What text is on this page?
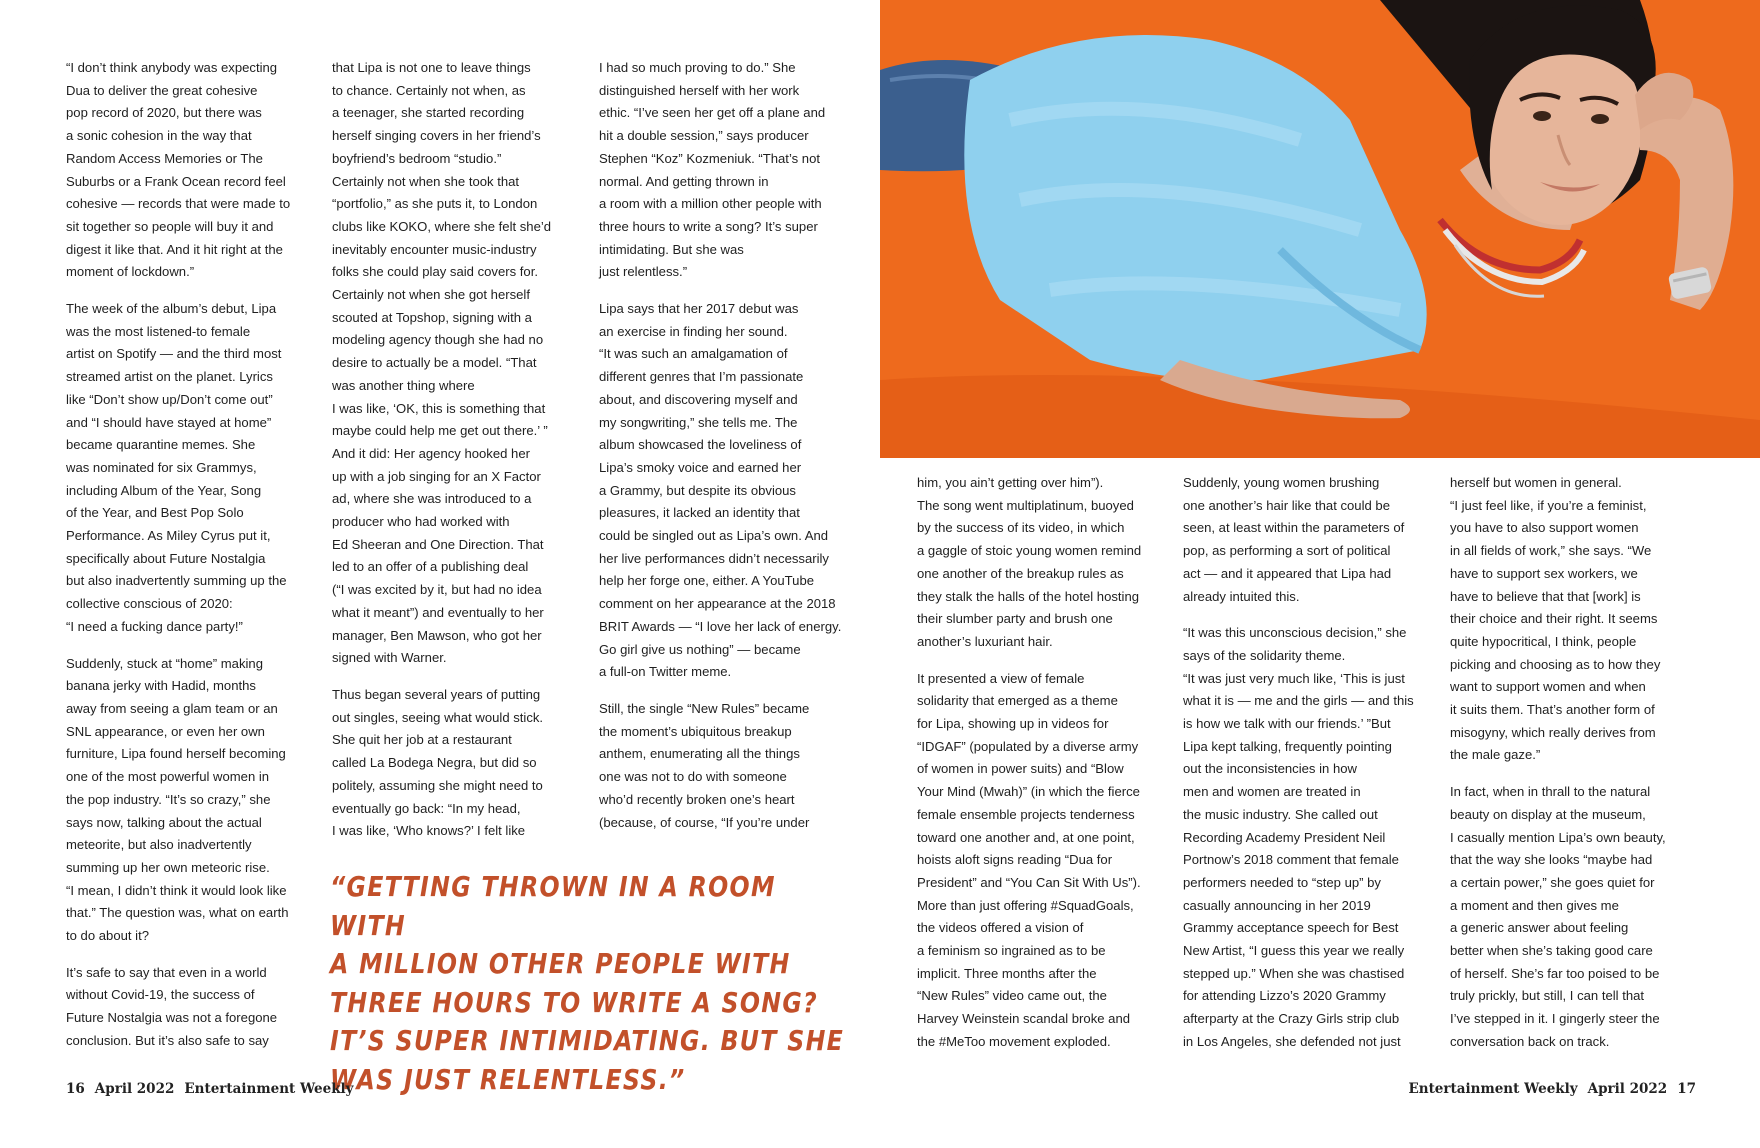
“I don’t think anybody was expecting
Dua to deliver the great cohesive
pop record of 2020, but there was
a sonic cohesion in the way that
Random Access Memories or The
Suburbs or a Frank Ocean record feel
cohesive — records that were made to
sit together so people will buy it and
digest it like that. And it hit right at the
moment of lockdown.”

The week of the album’s debut, Lipa
was the most listened-to female
artist on Spotify — and the third most
streamed artist on the planet. Lyrics
like “Don’t show up/Don’t come out”
and “I should have stayed at home”
became quarantine memes. She
was nominated for six Grammys,
including Album of the Year, Song
of the Year, and Best Pop Solo
Performance. As Miley Cyrus put it,
specifically about Future Nostalgia
but also inadvertently summing up the
collective conscious of 2020:
“I need a fucking dance party!”

Suddenly, stuck at “home” making
banana jerky with Hadid, months
away from seeing a glam team or an
SNL appearance, or even her own
furniture, Lipa found herself becoming
one of the most powerful women in
the pop industry. “It’s so crazy,” she
says now, talking about the actual
meteorite, but also inadvertently
summing up her own meteoric rise.
“I mean, I didn’t think it would look like
that.” The question was, what on earth
to do about it?

It’s safe to say that even in a world
without Covid-19, the success of
Future Nostalgia was not a foregone
conclusion. But it’s also safe to say

that Lipa is not one to leave things
to chance. Certainly not when, as
a teenager, she started recording
herself singing covers in her friend’s
boyfriend’s bedroom “studio.”
Certainly not when she took that
“portfolio,” as she puts it, to London
clubs like KOKO, where she felt she’d
inevitably encounter music-industry
folks she could play said covers for.
Certainly not when she got herself
scouted at Topshop, signing with a
modeling agency though she had no
desire to actually be a model. “That
was another thing where
I was like, ‘OK, this is something that
maybe could help me get out there.’ ”
And it did: Her agency hooked her
up with a job singing for an X Factor
ad, where she was introduced to a
producer who had worked with
Ed Sheeran and One Direction. That
led to an offer of a publishing deal
(“I was excited by it, but had no idea
what it meant”) and eventually to her
manager, Ben Mawson, who got her
signed with Warner.

Thus began several years of putting
out singles, seeing what would stick.
She quit her job at a restaurant
called La Bodega Negra, but did so
politely, assuming she might need to
eventually go back: “In my head,
I was like, ‘Who knows?’ I felt like

I had so much proving to do.” She
distinguished herself with her work
ethic. “I’ve seen her get off a plane and
hit a double session,” says producer
Stephen “Koz” Kozmeniuk. “That’s not
normal. And getting thrown in
a room with a million other people with
three hours to write a song? It’s super
intimidating. But she was
just relentless.”

Lipa says that her 2017 debut was
an exercise in finding her sound.
“It was such an amalgamation of
different genres that I’m passionate
about, and discovering myself and
my songwriting,” she tells me. The
album showcased the loveliness of
Lipa’s smoky voice and earned her
a Grammy, but despite its obvious
pleasures, it lacked an identity that
could be singled out as Lipa’s own. And
her live performances didn’t necessarily
help her forge one, either. A YouTube
comment on her appearance at the 2018
BRIT Awards — “I love her lack of energy.
Go girl give us nothing” — became
a full-on Twitter meme.

Still, the single “New Rules” became
the moment’s ubiquitous breakup
anthem, enumerating all the things
one was not to do with someone
who’d recently broken one’s heart
(because, of course, “If you’re under

“GETTING THROWN IN A ROOM WITH
A MILLION OTHER PEOPLE WITH
THREE HOURS TO WRITE A SONG?
IT’S SUPER INTIMIDATING. BUT SHE
WAS JUST RELENTLESS.”

him, you ain’t getting over him”).
The song went multiplatinum, buoyed
by the success of its video, in which
a gaggle of stoic young women remind
one another of the breakup rules as
they stalk the halls of the hotel hosting
their slumber party and brush one
another’s luxuriant hair.

It presented a view of female
solidarity that emerged as a theme
for Lipa, showing up in videos for
“IDGAF” (populated by a diverse army
of women in power suits) and “Blow
Your Mind (Mwah)” (in which the fierce
female ensemble projects tenderness
toward one another and, at one point,
hoists aloft signs reading “Dua for
President” and “You Can Sit With Us”).
More than just offering #SquadGoals,
the videos offered a vision of
a feminism so ingrained as to be
implicit. Three months after the
“New Rules” video came out, the
Harvey Weinstein scandal broke and
the #MeToo movement exploded.

Suddenly, young women brushing
one another’s hair like that could be
seen, at least within the parameters of
pop, as performing a sort of political
act — and it appeared that Lipa had
already intuited this.

“It was this unconscious decision,” she
says of the solidarity theme.
“It was just very much like, ‘This is just
what it is — me and the girls — and this
is how we talk with our friends.’ ”But
Lipa kept talking, frequently pointing
out the inconsistencies in how
men and women are treated in
the music industry. She called out
Recording Academy President Neil
Portnow’s 2018 comment that female
performers needed to “step up” by
casually announcing in her 2019
Grammy acceptance speech for Best
New Artist, “I guess this year we really
stepped up.” When she was chastised
for attending Lizzo’s 2020 Grammy
afterparty at the Crazy Girls strip club
in Los Angeles, she defended not just

herself but women in general.
“I just feel like, if you’re a feminist,
you have to also support women
in all fields of work,” she says. “We
have to support sex workers, we
have to believe that that [work] is
their choice and their right. It seems
quite hypocritical, I think, people
picking and choosing as to how they
want to support women and when
it suits them. That’s another form of
misogyny, which really derives from
the male gaze.”

In fact, when in thrall to the natural
beauty on display at the museum,
I casually mention Lipa’s own beauty,
that the way she looks “maybe had
a certain power,” she goes quiet for
a moment and then gives me
a generic answer about feeling
better when she’s taking good care
of herself. She’s far too poised to be
truly prickly, but still, I can tell that
I’ve stepped in it. I gingerly steer the
conversation back on track.

16 April 2022 Entertainment Weekly	Entertainment Weekly April 2022 17
